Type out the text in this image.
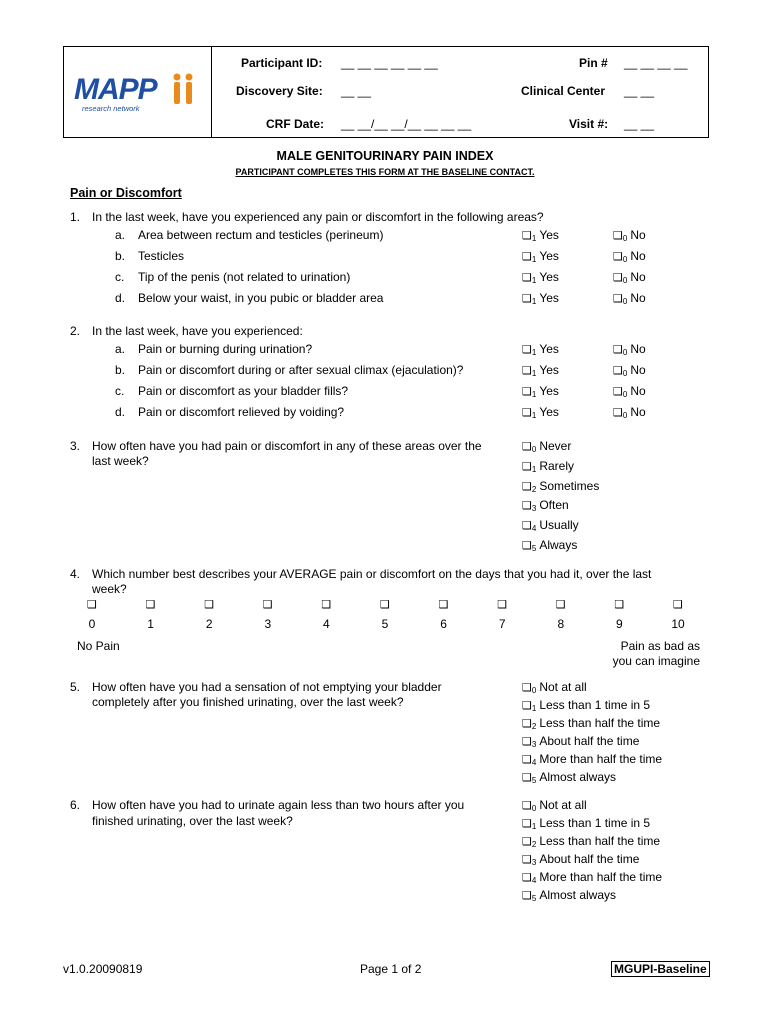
MAPP
research network
Participant ID: __ __ __ __ __ __	Pin # __ __ __ __
Discovery Site: __ __	Clinical Center __ __
CRF Date: __ __/__ __/__ __ __ __	Visit #: __ __
MALE GENITOURINARY PAIN INDEX
PARTICIPANT COMPLETES THIS FORM AT THE BASELINE CONTACT.
Pain or Discomfort
1. In the last week, have you experienced any pain or discomfort in the following areas?
a. Area between rectum and testicles (perineum)	$❑_1$ Yes	$❑_0$ No
b. Testicles	$❑_1$ Yes	$❑_0$ No
c. Tip of the penis (not related to urination)	$❑_1$ Yes	$❑_0$ No
d. Below your waist, in you pubic or bladder area	$❑_1$ Yes	$❑_0$ No
2. In the last week, have you experienced:
a. Pain or burning during urination?	$❑_1$ Yes	$❑_0$ No
b. Pain or discomfort during or after sexual climax (ejaculation)?	$❑_1$ Yes	$❑_0$ No
c. Pain or discomfort as your bladder fills?	$❑_1$ Yes	$❑_0$ No
d. Pain or discomfort relieved by voiding?	$❑_1$ Yes	$❑_0$ No
3. How often have you had pain or discomfort in any of these areas over the
last week?
$❑_0$ Never
$❑_1$ Rarely
$❑_2$ Sometimes
$❑_3$ Often
$❑_4$ Usually
$❑_5$ Always
4. Which number best describes your AVERAGE pain or discomfort on the days that you had it, over the last
week?
❑
0
❑
1
❑
2
❑
3
❑
4
❑
5
❑
6
❑
7
❑
8
❑
9
❑
10
No Pain	Pain as bad as
you can imagine
5. How often have you had a sensation of not emptying your bladder
completely after you finished urinating, over the last week?
$❑_0$ Not at all
$❑_1$ Less than 1 time in 5
$❑_2$ Less than half the time
$❑_3$ About half the time
$❑_4$ More than half the time
$❑_5$ Almost always
6. How often have you had to urinate again less than two hours after you
finished urinating, over the last week?
$❑_0$ Not at all
$❑_1$ Less than 1 time in 5
$❑_2$ Less than half the time
$❑_3$ About half the time
$❑_4$ More than half the time
$❑_5$ Almost always
v1.0.20090819	Page 1 of 2	MGUPI-Baseline
